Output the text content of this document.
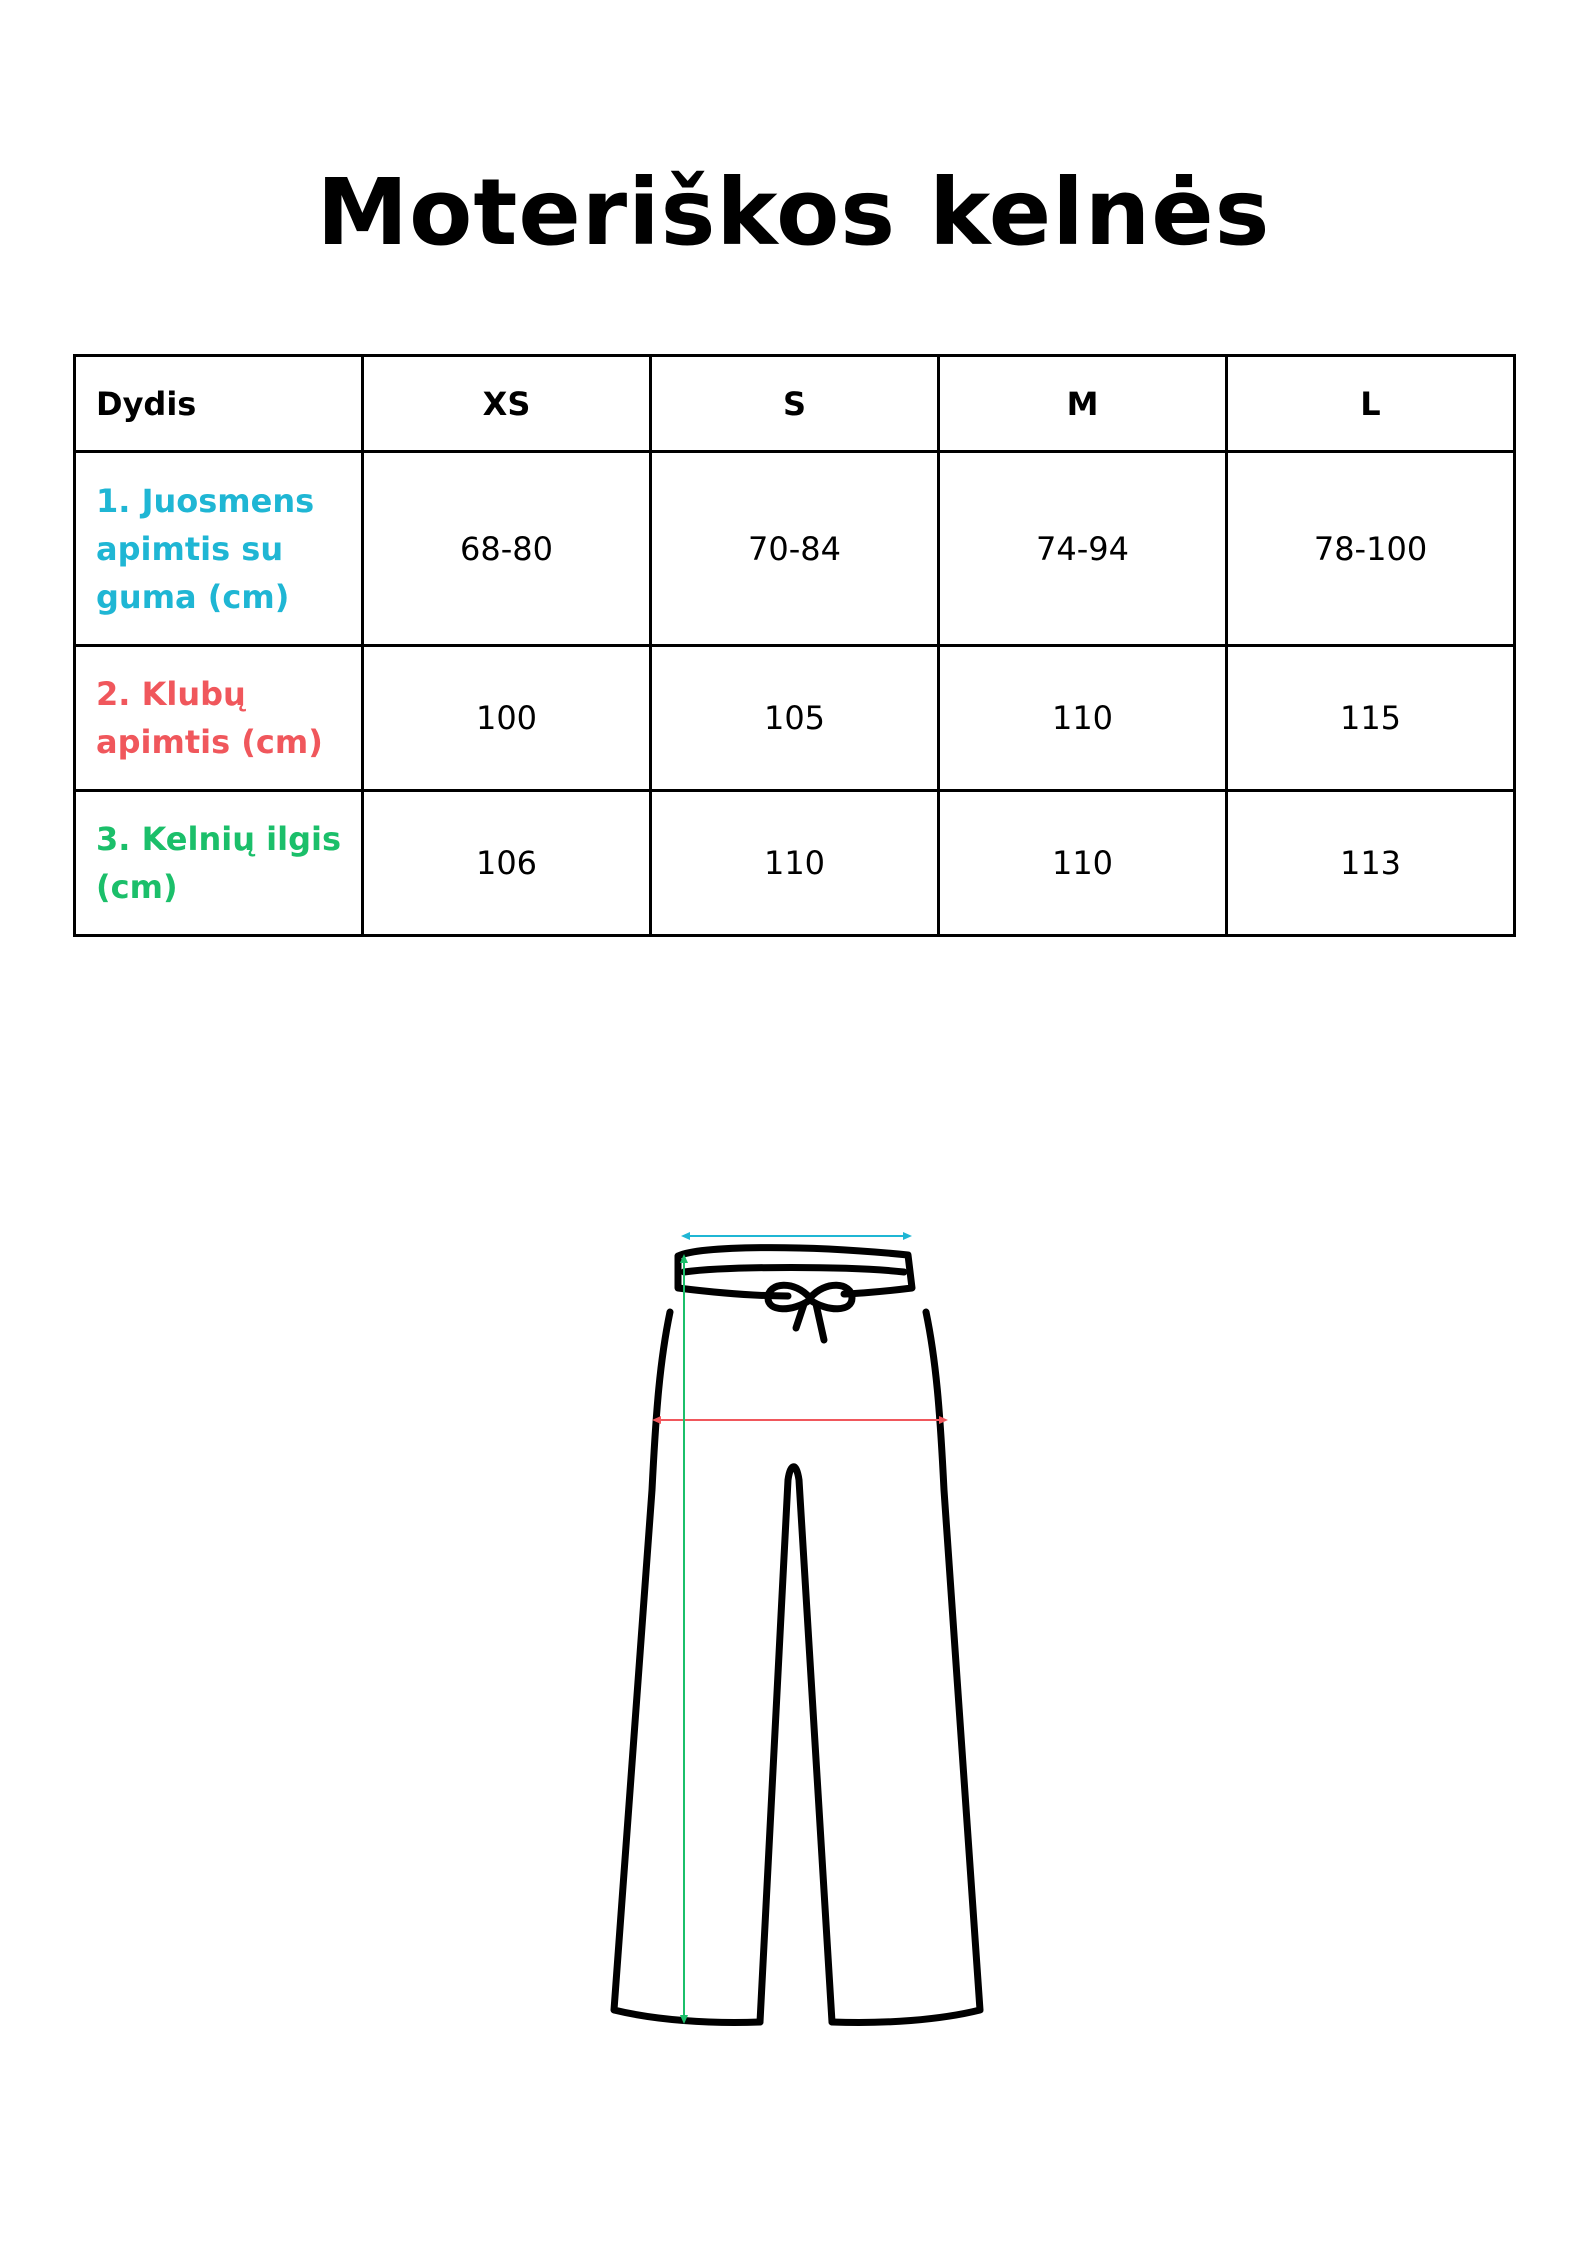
Moteriškos kelnės
Dydis	XS	S	M	L
1. Juosmens apimtis su guma (cm)	68-80	70-84	74-94	78-100
2. Klubų apimtis (cm)	100	105	110	115
3. Kelnių ilgis (cm)	106	110	110	113
